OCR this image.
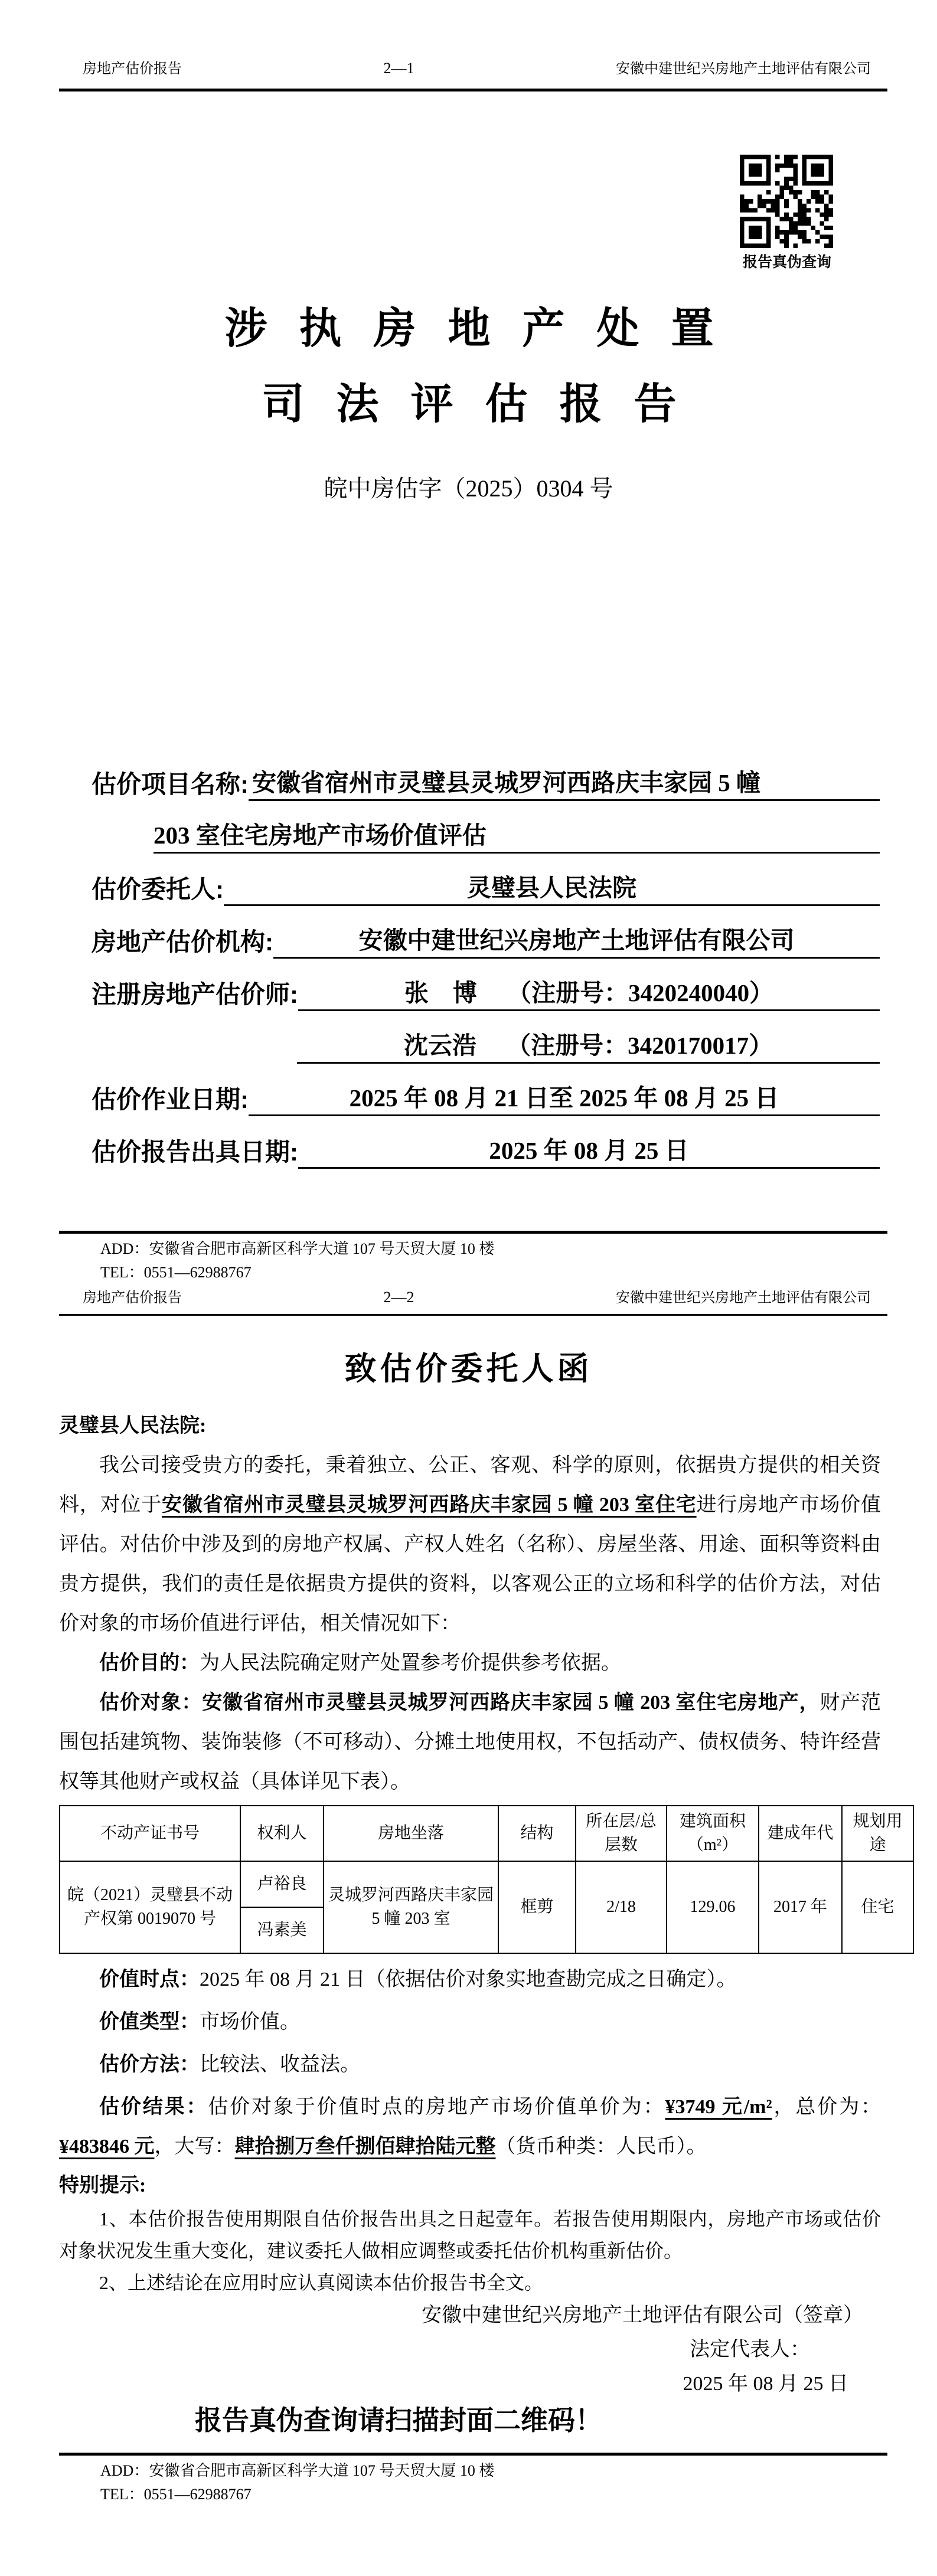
房地产估价报告	2—1	安徽中建世纪兴房地产土地评估有限公司
报告真伪查询
涉 执 房 地 产 处 置
司 法 评 估 报 告
皖中房估字（2025）0304 号
估价项目名称: 安徽省宿州市灵璧县灵城罗河西路庆丰家园 5 幢
203 室住宅房地产市场价值评估
估价委托人:	灵璧县人民法院
房地产估价机构:	安徽中建世纪兴房地产土地评估有限公司
注册房地产估价师:	张　博　 （注册号：3420240040）
沈云浩　 （注册号：3420170017）
估价作业日期:	2025 年 08 月 21 日至 2025 年 08 月 25 日
估价报告出具日期:	2025 年 08 月 25 日
ADD：安徽省合肥市高新区科学大道 107 号天贸大厦 10 楼
TEL：0551—62988767
房地产估价报告	2—2	安徽中建世纪兴房地产土地评估有限公司
致估价委托人函
灵璧县人民法院:
我公司接受贵方的委托，秉着独立、公正、客观、科学的原则，依据贵方提供的相关资料，对位于安徽省宿州市灵璧县灵城罗河西路庆丰家园 5 幢 203 室住宅进行房地产市场价值评估。对估价中涉及到的房地产权属、产权人姓名（名称）、房屋坐落、用途、面积等资料由贵方提供，我们的责任是依据贵方提供的资料，以客观公正的立场和科学的估价方法，对估价对象的市场价值进行评估，相关情况如下：
估价目的：为人民法院确定财产处置参考价提供参考依据。
估价对象：安徽省宿州市灵璧县灵城罗河西路庆丰家园 5 幢 203 室住宅房地产，财产范围包括建筑物、装饰装修（不可移动）、分摊土地使用权，不包括动产、债权债务、特许经营权等其他财产或权益（具体详见下表）。
不动产证书号	权利人	房地坐落	结构	所在层/总层数	建筑面积（m²）	建成年代	规划用途
皖（2021）灵璧县不动产权第 0019070 号	卢裕良	灵城罗河西路庆丰家园 5 幢 203 室	框剪	2/18	129.06	2017 年	住宅
	冯素美						
价值时点：2025 年 08 月 21 日（依据估价对象实地查勘完成之日确定）。
价值类型：市场价值。
估价方法：比较法、收益法。
估价结果：估价对象于价值时点的房地产市场价值单价为：¥3749 元/m²，总价为：¥483846 元，大写：肆拾捌万叁仟捌佰肆拾陆元整（货币种类：人民币）。
特别提示:
1、本估价报告使用期限自估价报告出具之日起壹年。若报告使用期限内，房地产市场或估价对象状况发生重大变化，建议委托人做相应调整或委托估价机构重新估价。
2、上述结论在应用时应认真阅读本估价报告书全文。
安徽中建世纪兴房地产土地评估有限公司（签章）
法定代表人：
2025 年 08 月 25 日
报告真伪查询请扫描封面二维码！
ADD：安徽省合肥市高新区科学大道 107 号天贸大厦 10 楼
TEL：0551—62988767
